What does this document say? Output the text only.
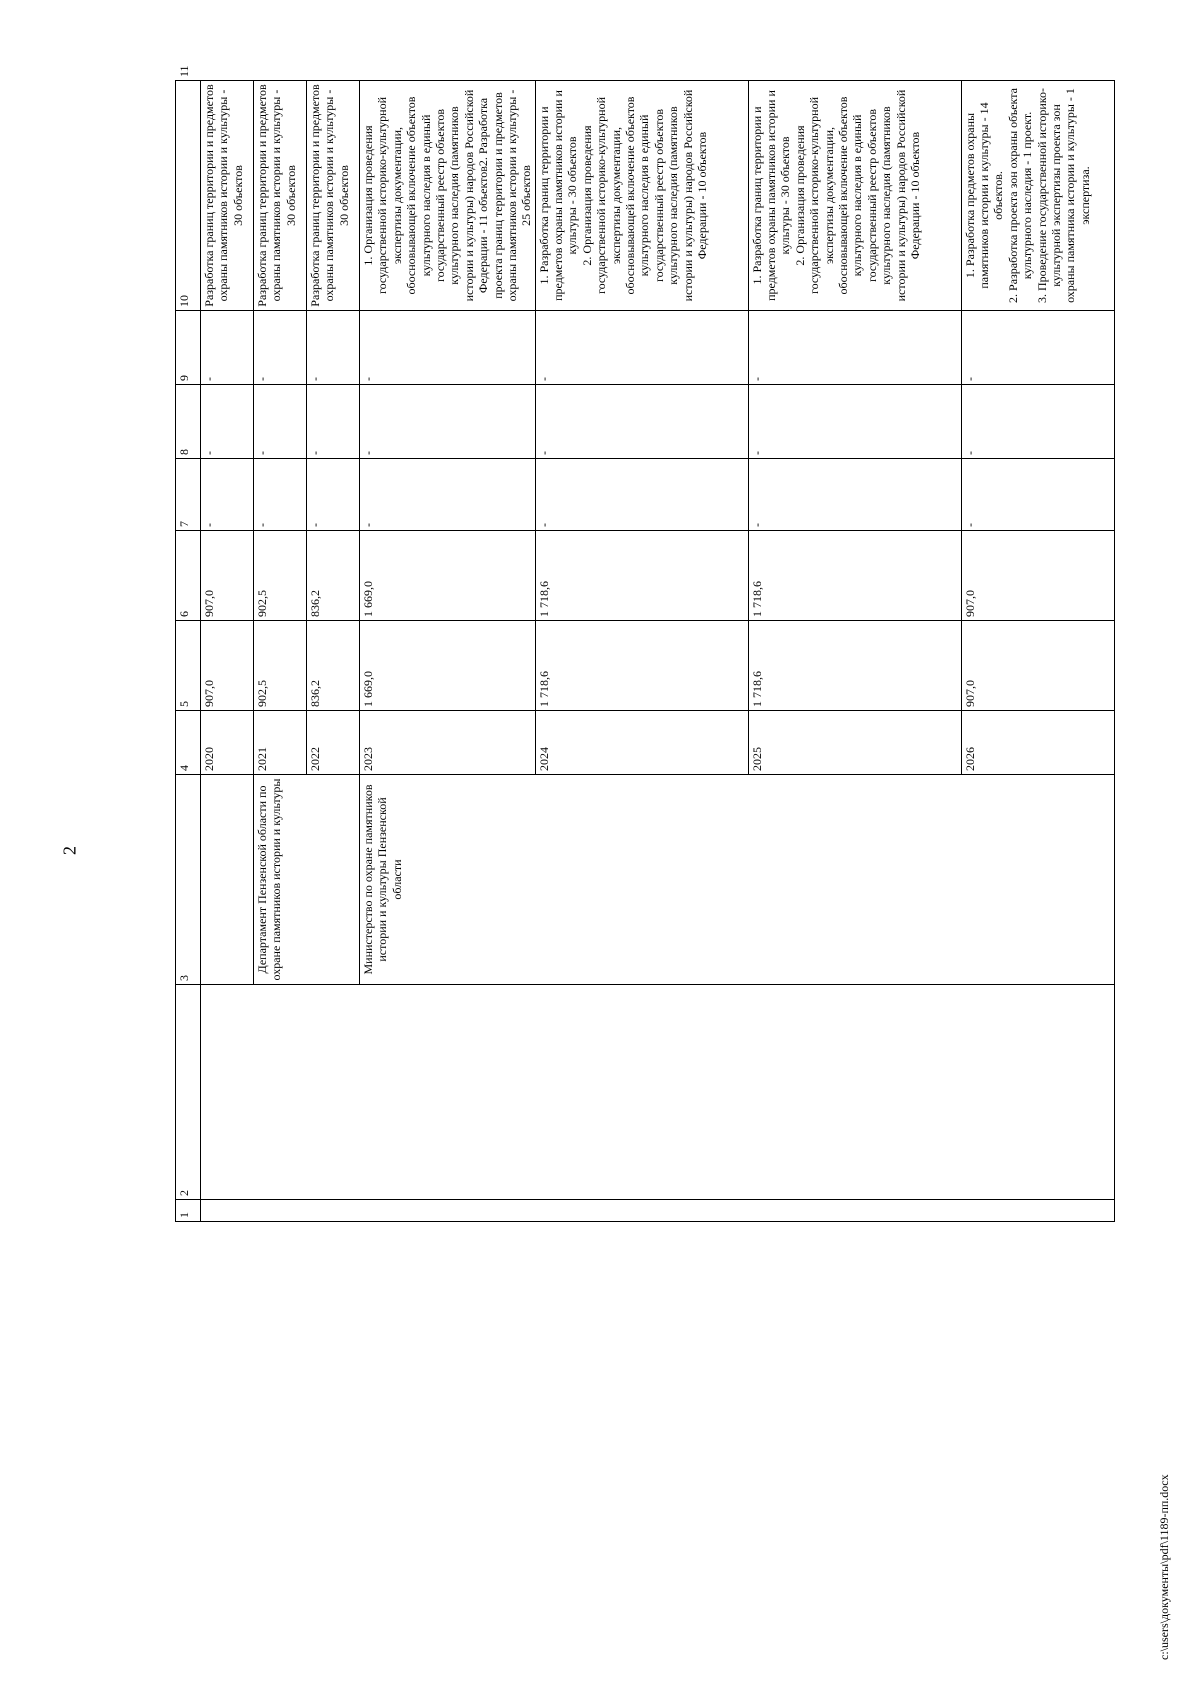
2
1	2	3	4	5	6	7	8	9	10	11
			2020	907,0	907,0	-	-	-	Разработка границ территории и предметов охраны памятников истории и культуры - 30 объектов	
		Департамент Пензенской области по охране памятников истории и культуры	2021	902,5	902,5	-	-	-	Разработка границ территории и предметов охраны памятников истории и культуры - 30 объектов	
			2022	836,2	836,2	-	-	-	Разработка границ территории и предметов охраны памятников истории и культуры - 30 объектов	
		Министерство по охране памятников истории и культуры Пензенской области	2023	1 669,0	1 669,0	-	-	-	1. Организация проведения государственной историко-культурной экспертизы документации, обосновывающей включение объектов культурного наследия в единый государственный реестр объектов культурного наследия (памятников истории и культуры) народов Российской Федерации - 11 объектов2. Разработка проекта границ территории и предметов охраны памятников истории и культуры - 25 объектов	
			2024	1 718,6	1 718,6	-	-	-	1. Разработка границ территории и предметов охраны памятников истории и культуры - 30 объектов
2. Организация проведения государственной историко-культурной экспертизы документации, обосновывающей включение объектов культурного наследия в единый государственный реестр объектов культурного наследия (памятников истории и культуры) народов Российской Федерации - 10 объектов	
			2025	1 718,6	1 718,6	-	-	-	1. Разработка границ территории и предметов охраны памятников истории и культуры - 30 объектов
2. Организация проведения государственной историко-культурной экспертизы документации, обосновывающей включение объектов культурного наследия в единый государственный реестр объектов культурного наследия (памятников истории и культуры) народов Российской Федерации - 10 объектов	
			2026	907,0	907,0	-	-	-	1. Разработка предметов охраны памятников истории и культуры - 14 объектов.
2. Разработка проекта зон охраны объекта культурного наследия - 1 проект.
3. Проведение государственной историко-культурной экспертизы проекта зон охраны памятника истории и культуры - 1 экспертиза.	
c:\users\документы\pdf\1189-пп.docx
